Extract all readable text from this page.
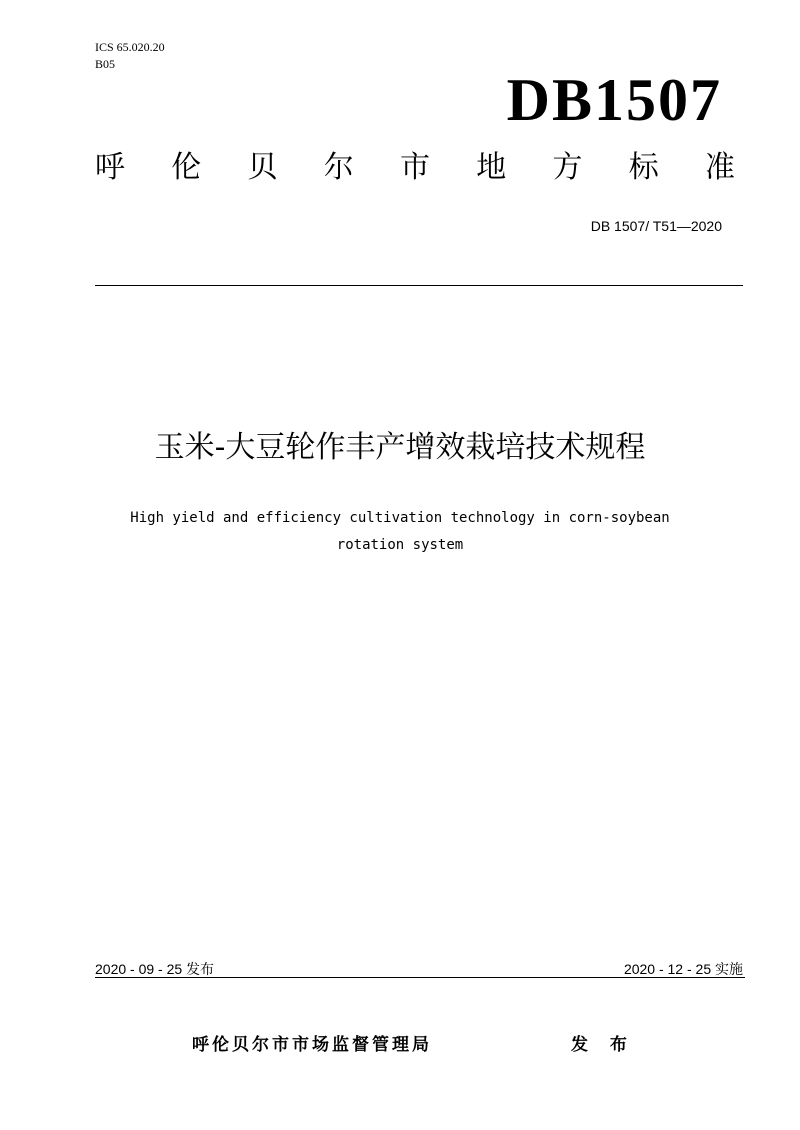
ICS 65.020.20
B05
DB1507
呼 伦 贝 尔 市 地 方 标 准
DB 1507/ T51—2020
玉米-大豆轮作丰产增效栽培技术规程
High yield and efficiency cultivation technology in corn-soybean
rotation system
2020 - 09 - 25 发布	2020 - 12 - 25 实施
呼伦贝尔市市场监督管理局	发 布
